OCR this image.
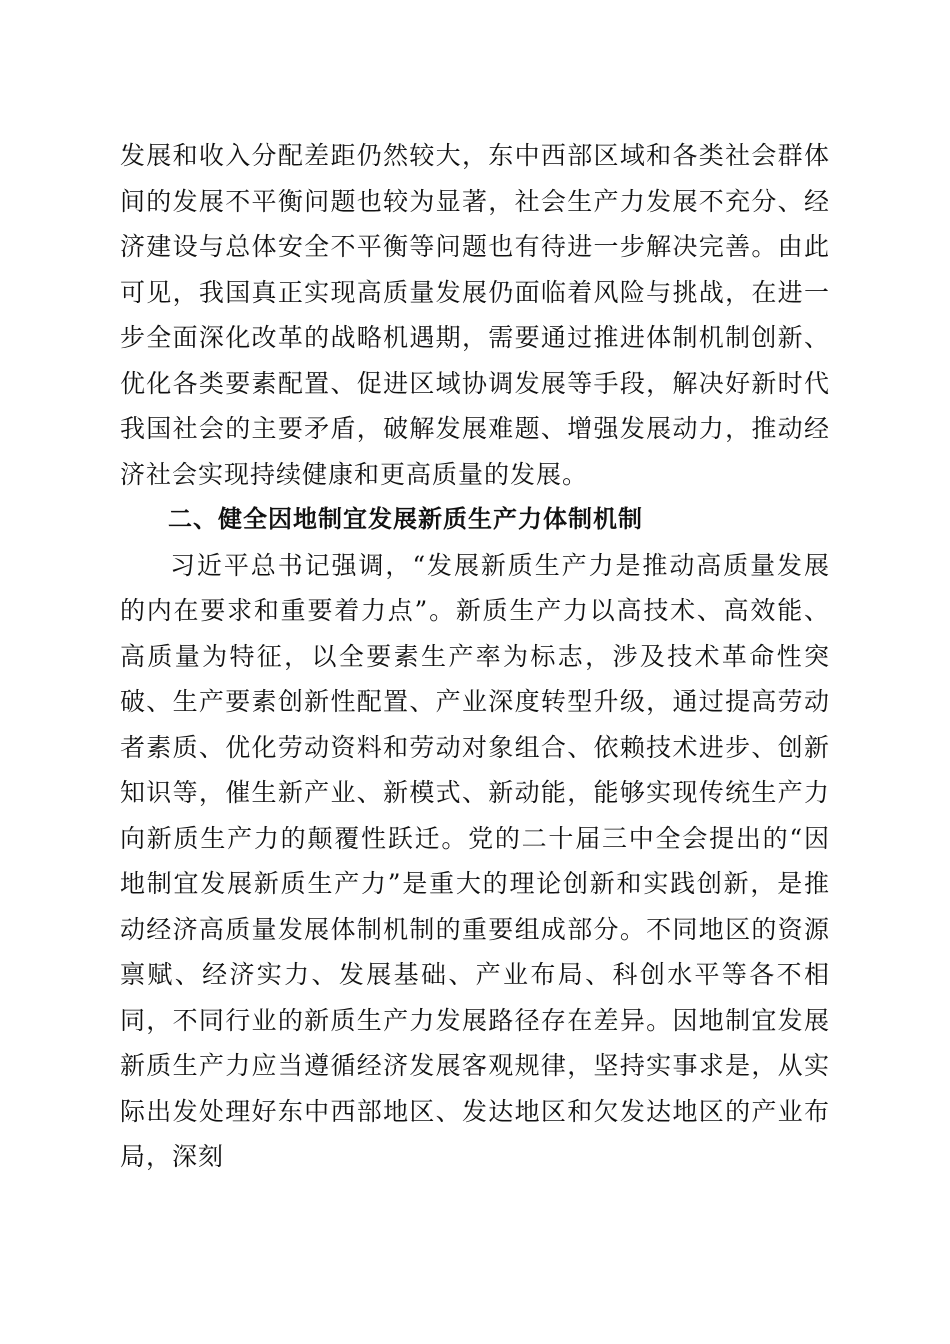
发展和收入分配差距仍然较大，东中西部区域和各类社会群体间的发展不平衡问题也较为显著，社会生产力发展不充分、经济建设与总体安全不平衡等问题也有待进一步解决完善。由此可见，我国真正实现高质量发展仍面临着风险与挑战，在进一步全面深化改革的战略机遇期，需要通过推进体制机制创新、优化各类要素配置、促进区域协调发展等手段，解决好新时代我国社会的主要矛盾，破解发展难题、增强发展动力，推动经济社会实现持续健康和更高质量的发展。

二、健全因地制宜发展新质生产力体制机制

习近平总书记强调，“发展新质生产力是推动高质量发展的内在要求和重要着力点”。新质生产力以高技术、高效能、高质量为特征，以全要素生产率为标志，涉及技术革命性突破、生产要素创新性配置、产业深度转型升级，通过提高劳动者素质、优化劳动资料和劳动对象组合、依赖技术进步、创新知识等，催生新产业、新模式、新动能，能够实现传统生产力向新质生产力的颠覆性跃迁。党的二十届三中全会提出的“因地制宜发展新质生产力”是重大的理论创新和实践创新，是推动经济高质量发展体制机制的重要组成部分。不同地区的资源禀赋、经济实力、发展基础、产业布局、科创水平等各不相同，不同行业的新质生产力发展路径存在差异。因地制宜发展新质生产力应当遵循经济发展客观规律，坚持实事求是，从实际出发处理好东中西部地区、发达地区和欠发达地区的产业布局，深刻
